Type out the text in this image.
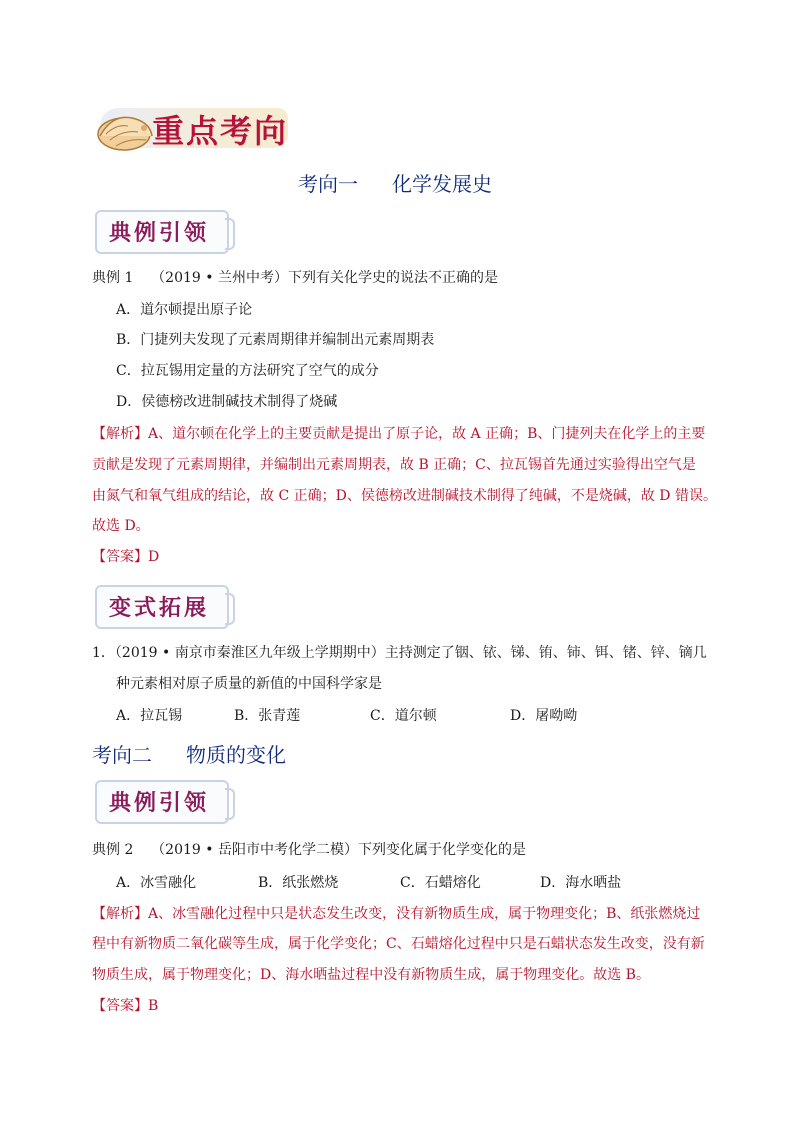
重点考向
考向一 化学发展史
典例引领
典例 1 （2019 • 兰州中考）下列有关化学史的说法不正确的是
A．道尔顿提出原子论
B．门捷列夫发现了元素周期律并编制出元素周期表
C．拉瓦锡用定量的方法研究了空气的成分
D．侯德榜改进制碱技术制得了烧碱
【解析】A、道尔顿在化学上的主要贡献是提出了原子论，故 A 正确；B、门捷列夫在化学上的主要
贡献是发现了元素周期律，并编制出元素周期表，故 B 正确；C、拉瓦锡首先通过实验得出空气是
由氮气和氧气组成的结论，故 C 正确；D、侯德榜改进制碱技术制得了纯碱，不是烧碱，故 D 错误。
故选 D。
【答案】D
变式拓展
1．（2019 • 南京市秦淮区九年级上学期期中）主持测定了铟、铱、锑、铕、铈、铒、锗、锌、镝几
种元素相对原子质量的新值的中国科学家是
A．拉瓦锡	B．张青莲	C．道尔顿	D．屠呦呦
考向二 物质的变化
典例引领
典例 2 （2019 • 岳阳市中考化学二模）下列变化属于化学变化的是
A．冰雪融化	B．纸张燃烧	C．石蜡熔化	D．海水晒盐
【解析】A、冰雪融化过程中只是状态发生改变，没有新物质生成，属于物理变化；B、纸张燃烧过
程中有新物质二氧化碳等生成，属于化学变化；C、石蜡熔化过程中只是石蜡状态发生改变，没有新
物质生成，属于物理变化；D、海水晒盐过程中没有新物质生成，属于物理变化。故选 B。
【答案】B
